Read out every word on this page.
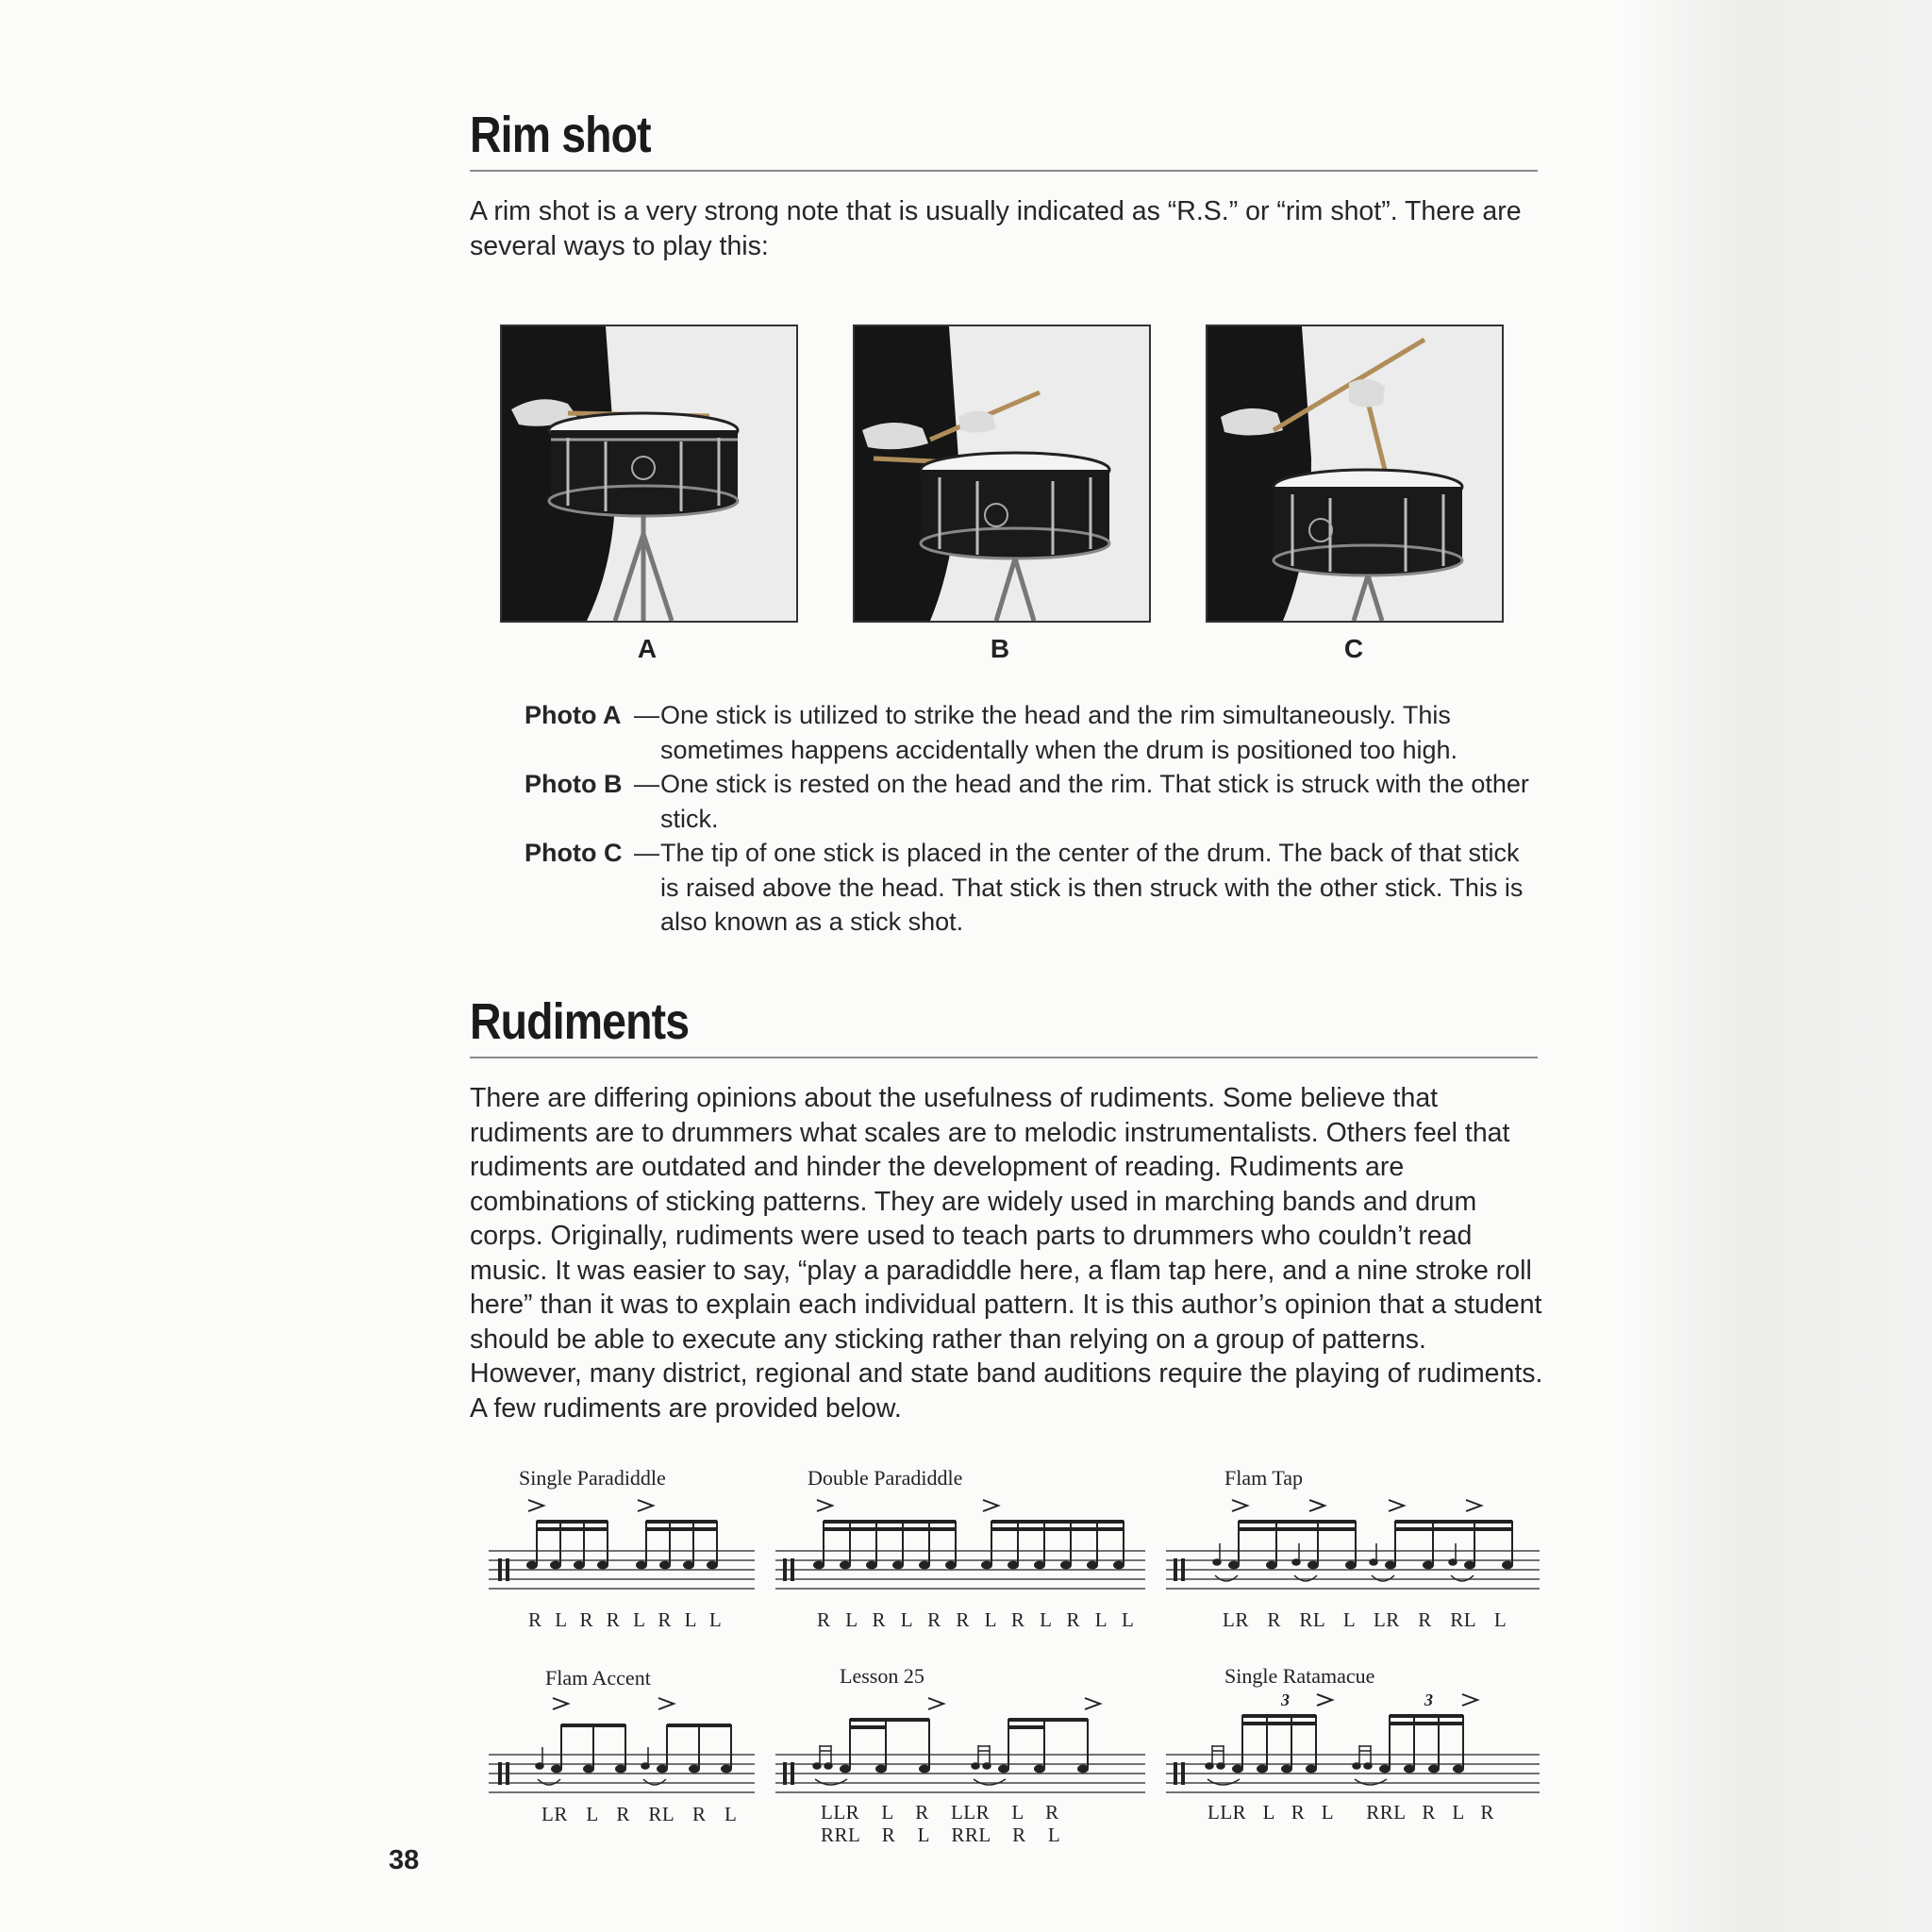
Rim shot

A rim shot is a very strong note that is usually indicated as “R.S.” or “rim shot”. There are several ways to play this:

A	B	C
Photo A — One stick is utilized to strike the head and the rim simultaneously. This sometimes happens accidentally when the drum is positioned too high.
Photo B — One stick is rested on the head and the rim. That stick is struck with the other stick.
Photo C — The tip of one stick is placed in the center of the drum. The back of that stick is raised above the head. That stick is then struck with the other stick. This is also known as a stick shot.
Rudiments

There are differing opinions about the usefulness of rudiments. Some believe that rudiments are to drummers what scales are to melodic instrumentalists. Others feel that rudiments are outdated and hinder the development of reading. Rudiments are combinations of sticking patterns. They are widely used in marching bands and drum corps. Originally, rudiments were used to teach parts to drummers who couldn’t read music. It was easier to say, “play a paradiddle here, a flam tap here, and a nine stroke roll here” than it was to explain each individual pattern. It is this author’s opinion that a student should be able to execute any sticking rather than relying on a group of patterns. However, many district, regional and state band auditions require the playing of rudiments. A few rudiments are provided below.

Single Paradiddle
R L R R L R L L
Double Paradiddle
R L R L R R L R L R L L
Flam Tap
LR  R  RL  L  LR  R  RL  L
Flam Accent
LR  L  R  RL  R  L
Lesson 25
LLR   L   R   LLR   L   R
RRL   R   L   RRL   R   L
Single Ratamacue
3	3
LLR  L  R  L    RRL  R  L  R
38
